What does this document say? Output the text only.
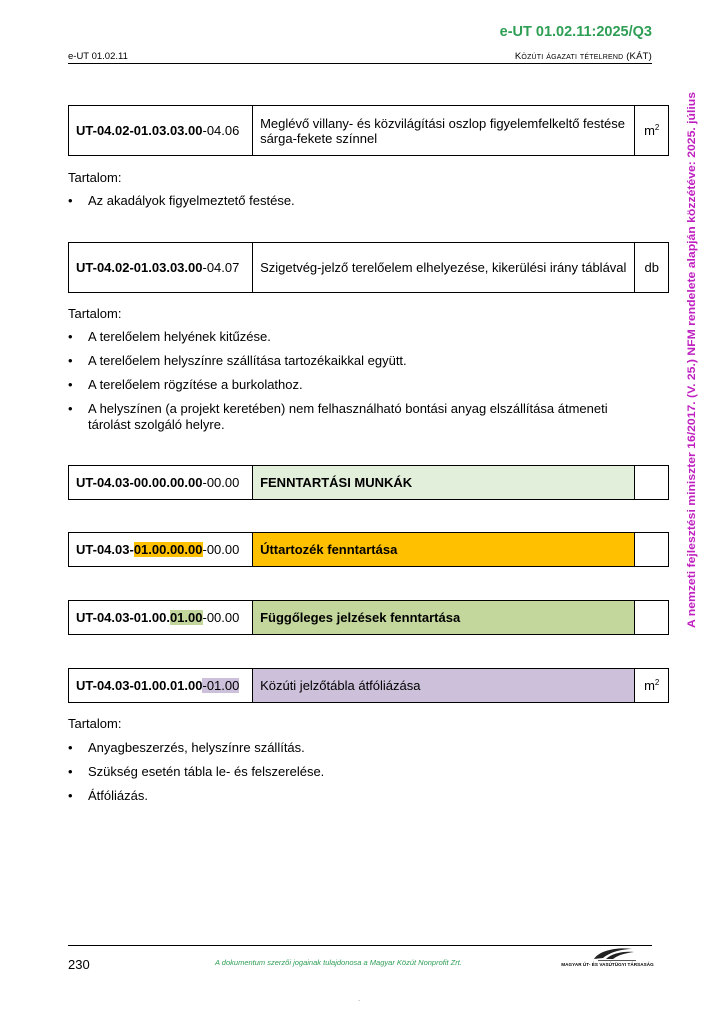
e-UT 01.02.11:2025/Q3
e-UT 01.02.11	Közúti ágazati tételrend (KÁT)
A nemzeti fejlesztési miniszter 16/2017. (V. 25.) NFM rendelete alapján közzétéve: 2025. július
UT-04.02-01.03.03.00-04.06	Meglévő villany- és közvilágítási oszlop figyelemfelkeltő festése sárga-fekete színnel	$m^2$
Tartalom:
• Az akadályok figyelmeztető festése.
UT-04.02-01.03.03.00-04.07	Szigetvég-jelző terelőelem elhelyezése, kikerülési irány táblával	db
Tartalom:
• A terelőelem helyének kitűzése.
• A terelőelem helyszínre szállítása tartozékaikkal együtt.
• A terelőelem rögzítése a burkolathoz.
• A helyszínen (a projekt keretében) nem felhasználható bontási anyag elszállítása átmeneti tárolást szolgáló helyre.
UT-04.03-00.00.00.00-00.00	FENNTARTÁSI MUNKÁK	
UT-04.03-01.00.00.00-00.00	Úttartozék fenntartása	
UT-04.03-01.00.01.00-00.00	Függőleges jelzések fenntartása	
UT-04.03-01.00.01.00-01.00	Közúti jelzőtábla átfóliázása	$m^2$
Tartalom:
• Anyagbeszerzés, helyszínre szállítás.
• Szükség esetén tábla le- és felszerelése.
• Átfóliázás.
230	A dokumentum szerzői jogainak tulajdonosa a Magyar Közút Nonprofit Zrt.	MAGYAR ÚT- ÉS VASÚTÜGYI TÁRSASÁG
.
